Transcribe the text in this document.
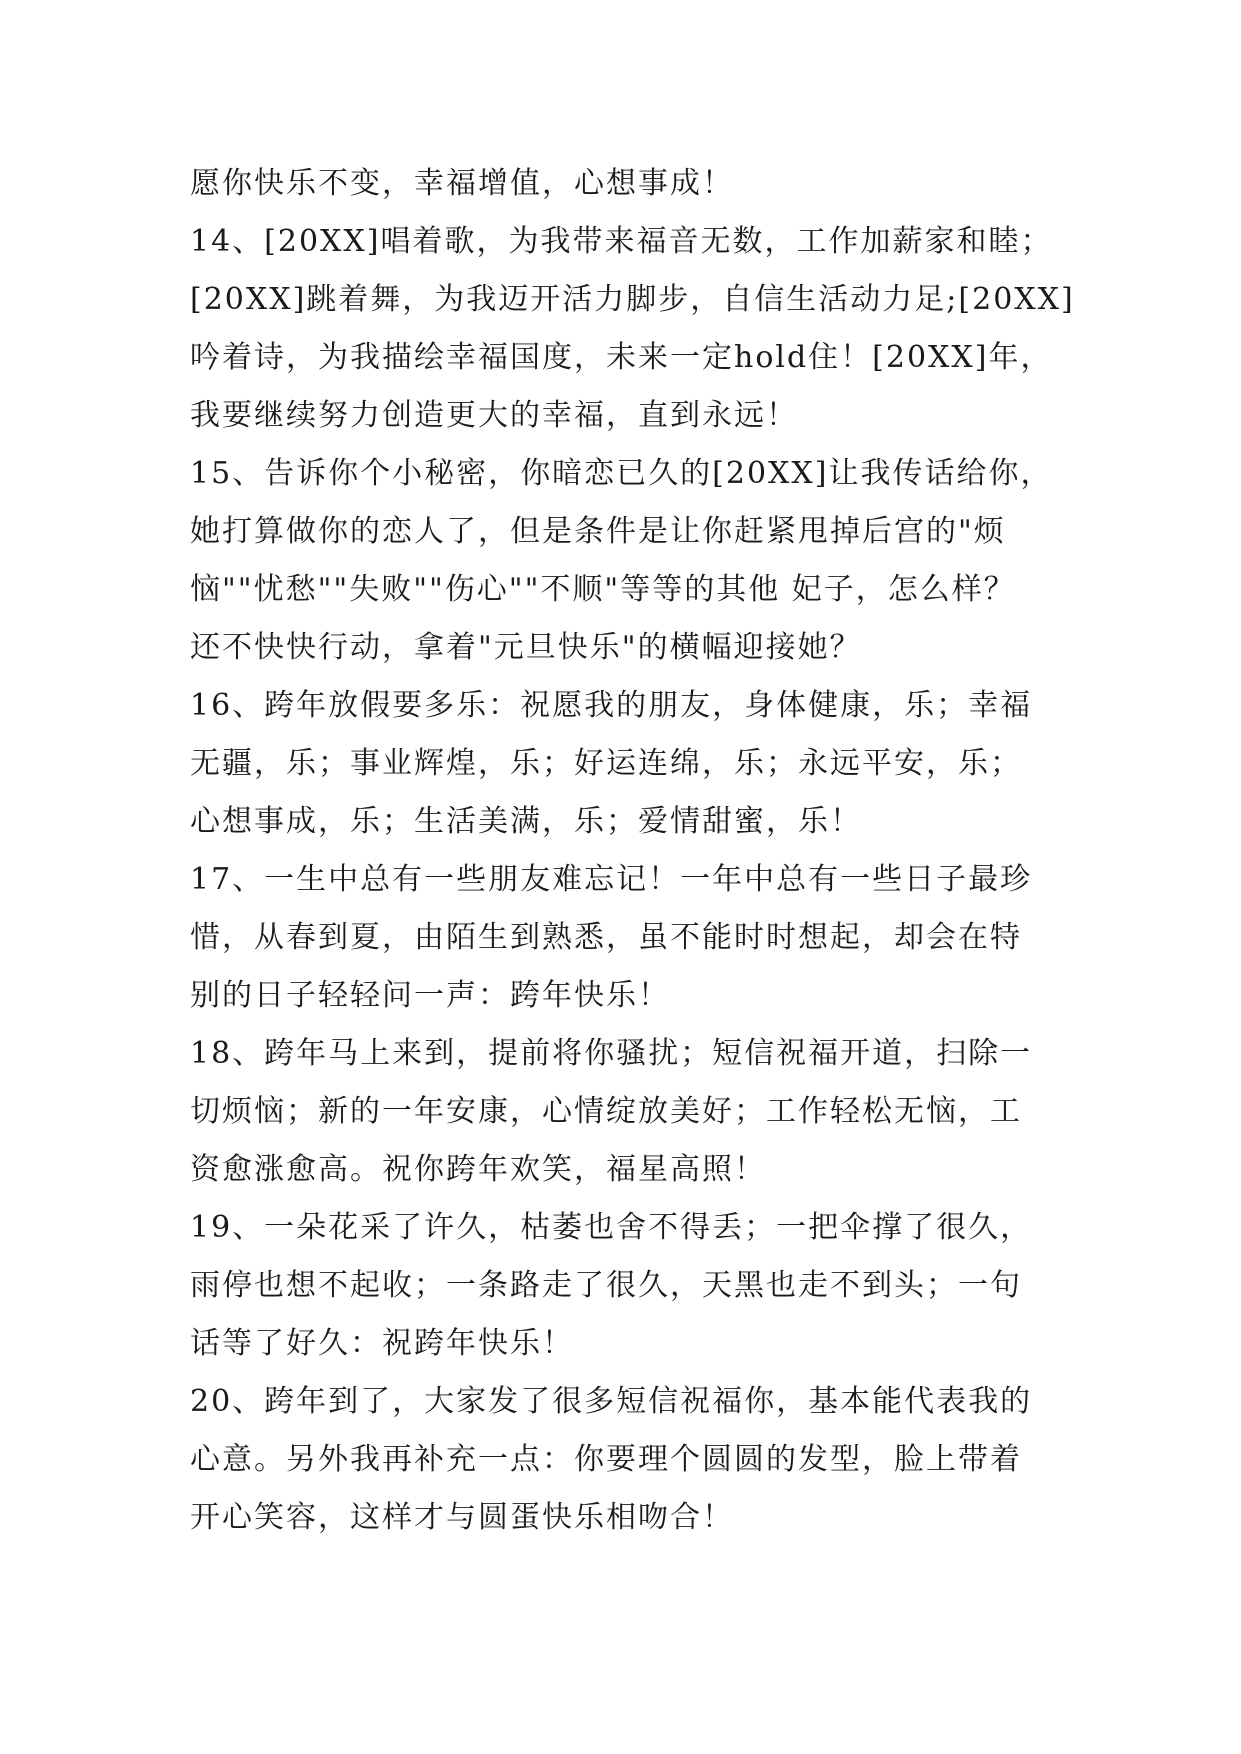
愿你快乐不变，幸福增值，心想事成！
14、[20XX]唱着歌，为我带来福音无数，工作加薪家和睦；
[20XX]跳着舞，为我迈开活力脚步，自信生活动力足;[20XX]
吟着诗，为我描绘幸福国度，未来一定hold住！[20XX]年，
我要继续努力创造更大的幸福，直到永远！
15、告诉你个小秘密，你暗恋已久的[20XX]让我传话给你，
她打算做你的恋人了，但是条件是让你赶紧甩掉后宫的"烦
恼""忧愁""失败""伤心""不顺"等等的其他 妃子，怎么样？
还不快快行动，拿着"元旦快乐"的横幅迎接她？
16、跨年放假要多乐：祝愿我的朋友，身体健康，乐；幸福
无疆，乐；事业辉煌，乐；好运连绵，乐；永远平安，乐；
心想事成，乐；生活美满，乐；爱情甜蜜，乐！
17、一生中总有一些朋友难忘记！一年中总有一些日子最珍
惜，从春到夏，由陌生到熟悉，虽不能时时想起，却会在特
别的日子轻轻问一声：跨年快乐！
18、跨年马上来到，提前将你骚扰；短信祝福开道，扫除一
切烦恼；新的一年安康，心情绽放美好；工作轻松无恼，工
资愈涨愈高。祝你跨年欢笑，福星高照！
19、一朵花采了许久，枯萎也舍不得丢；一把伞撑了很久，
雨停也想不起收；一条路走了很久，天黑也走不到头；一句
话等了好久：祝跨年快乐！
20、跨年到了，大家发了很多短信祝福你，基本能代表我的
心意。另外我再补充一点：你要理个圆圆的发型，脸上带着
开心笑容，这样才与圆蛋快乐相吻合！
